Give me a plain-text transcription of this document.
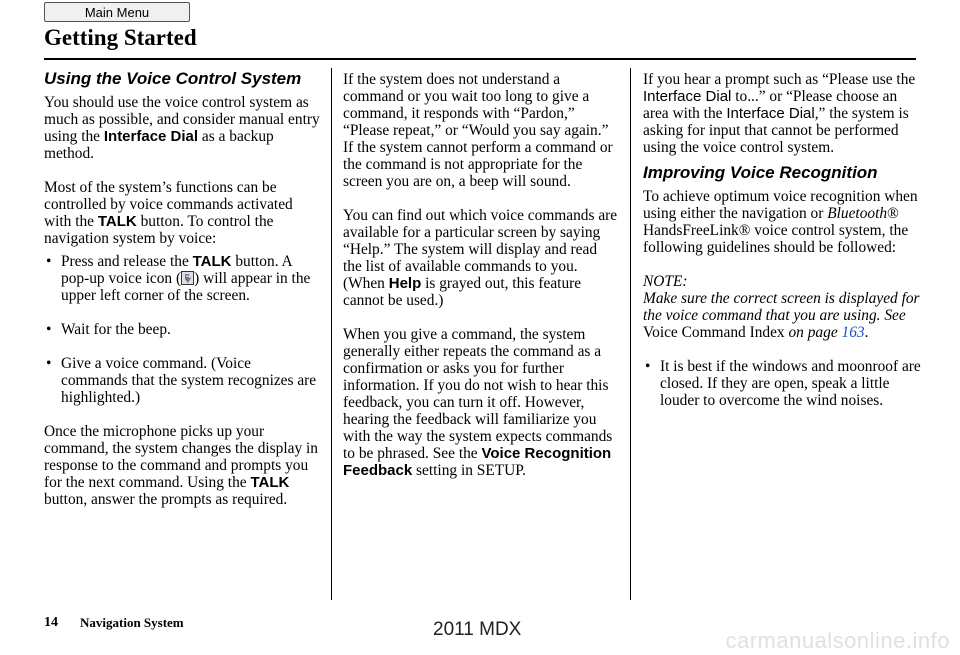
Main Menu
Getting Started
Using the Voice Control System

You should use the voice control system as much as possible, and consider manual entry using the Interface Dial as a backup method.

Most of the system’s functions can be controlled by voice commands activated with the TALK button. To control the navigation system by voice:

• Press and release the TALK button. A pop-up voice icon ( ) will appear in the upper left corner of the screen.
• Wait for the beep.
• Give a voice command. (Voice commands that the system recognizes are highlighted.)

Once the microphone picks up your command, the system changes the display in response to the command and prompts you for the next command. Using the TALK button, answer the prompts as required.

If the system does not understand a command or you wait too long to give a command, it responds with “Pardon,” “Please repeat,” or “Would you say again.” If the system cannot perform a command or the command is not appropriate for the screen you are on, a beep will sound.

You can find out which voice commands are available for a particular screen by saying “Help.” The system will display and read the list of available commands to you. (When Help is grayed out, this feature cannot be used.)

When you give a command, the system generally either repeats the command as a confirmation or asks you for further information. If you do not wish to hear this feedback, you can turn it off. However, hearing the feedback will familiarize you with the way the system expects commands to be phrased. See the Voice Recognition Feedback setting in SETUP.

If you hear a prompt such as “Please use the Interface Dial to...” or “Please choose an area with the Interface Dial,” the system is asking for input that cannot be performed using the voice control system.

Improving Voice Recognition

To achieve optimum voice recognition when using either the navigation or Bluetooth® HandsFreeLink® voice control system, the following guidelines should be followed:

NOTE:

Make sure the correct screen is displayed for the voice command that you are using. See Voice Command Index on page 163.

• It is best if the windows and moonroof are closed. If they are open, speak a little louder to overcome the wind noises.
14 Navigation System	2011 MDX	carmanualsonline.info
